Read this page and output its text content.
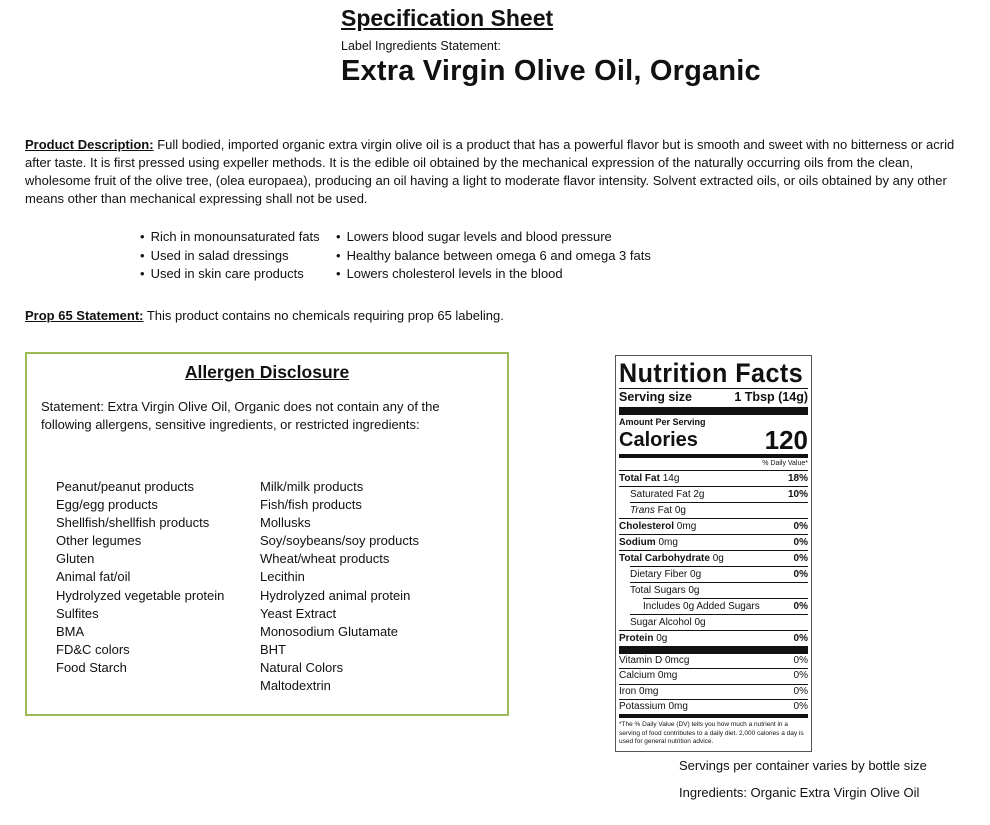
Specification Sheet
Label Ingredients Statement:
Extra Virgin Olive Oil, Organic
Product Description: Full bodied, imported organic extra virgin olive oil is a product that has a powerful flavor but is smooth and sweet with no bitterness or acrid after taste. It is first pressed using expeller methods. It is the edible oil obtained by the mechanical expression of the naturally occurring oils from the clean, wholesome fruit of the olive tree, (olea europaea), producing an oil having a light to moderate flavor intensity. Solvent extracted oils, or oils obtained by any other means other than mechanical expressing shall not be used.
• Rich in monounsaturated fats
• Used in salad dressings
• Used in skin care products
• Lowers blood sugar levels and blood pressure
• Healthy balance between omega 6 and omega 3 fats
• Lowers cholesterol levels in the blood
Prop 65 Statement: This product contains no chemicals requiring prop 65 labeling.
Allergen Disclosure
Statement: Extra Virgin Olive Oil, Organic does not contain any of the following allergens, sensitive ingredients, or restricted ingredients:
Peanut/peanut products
Egg/egg products
Shellfish/shellfish products
Other legumes
Gluten
Animal fat/oil
Hydrolyzed vegetable protein
Sulfites
BMA
FD&C colors
Food Starch
Milk/milk products
Fish/fish products
Mollusks
Soy/soybeans/soy products
Wheat/wheat products
Lecithin
Hydrolyzed animal protein
Yeast Extract
Monosodium Glutamate
BHT
Natural Colors
Maltodextrin
Nutrition Facts
Serving size	1 Tbsp (14g)
Amount Per Serving
Calories	120
% Daily Value*
Total Fat 14g	18%
Saturated Fat 2g	10%
Trans Fat 0g
Cholesterol 0mg	0%
Sodium 0mg	0%
Total Carbohydrate 0g	0%
Dietary Fiber 0g	0%
Total Sugars 0g
Includes 0g Added Sugars	0%
Sugar Alcohol 0g
Protein 0g	0%
Vitamin D 0mcg	0%
Calcium 0mg	0%
Iron 0mg	0%
Potassium 0mg	0%
*The % Daily Value (DV) tells you how much a nutrient in a serving of food contributes to a daily diet. 2,000 calories a day is used for general nutrition advice.
Servings per container varies by bottle size
Ingredients: Organic Extra Virgin Olive Oil
